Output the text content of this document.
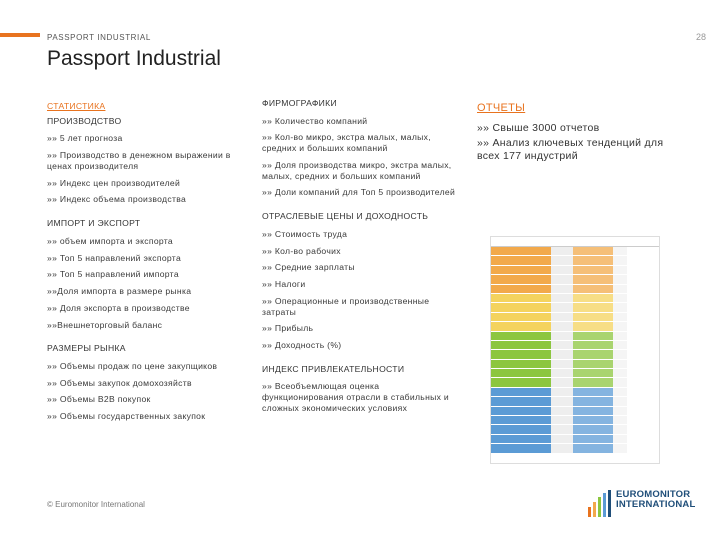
PASSPORT INDUSTRIAL	28
Passport Industrial
СТАТИСТИКА
ПРОИЗВОДСТВО
»» 5 лет прогноза
»» Производство в денежном выражении в ценах производителя
»» Индекс цен производителей
»» Индекс объема производства
ИМПОРТ И ЭКСПОРТ
»» объем импорта и экспорта
»» Топ 5 направлений экспорта
»» Топ 5 направлений импорта
»»Доля импорта в размере рынка
»» Доля экспорта в производстве
»»Внешнеторговый баланс
РАЗМЕРЫ РЫНКА
»» Объемы продаж по цене закупщиков
»» Объемы закупок домохозяйств
»» Объемы B2B покупок
»» Объемы государственных закупок
ФИРМОГРАФИКИ
»» Количество компаний
»» Кол-во микро, экстра малых, малых, средних и больших компаний
»» Доля производства микро, экстра малых, малых, средних и больших компаний
»» Доли компаний для Топ 5 производителей
ОТРАСЛЕВЫЕ ЦЕНЫ И ДОХОДНОСТЬ
»» Стоимость труда
»» Кол-во рабочих
»» Средние зарплаты
»» Налоги
»» Операционные и производственные затраты
»» Прибыль
»» Доходность (%)
ИНДЕКС ПРИВЛЕКАТЕЛЬНОСТИ
»» Всеобъемлющая оценка функционирования отрасли в стабильных и сложных экономических условиях
ОТЧЕТЫ
»» Свыше 3000 отчетов
»» Анализ ключевых тенденций для всех 177 индустрий
© Euromonitor International
EUROMONITOR
INTERNATIONAL
